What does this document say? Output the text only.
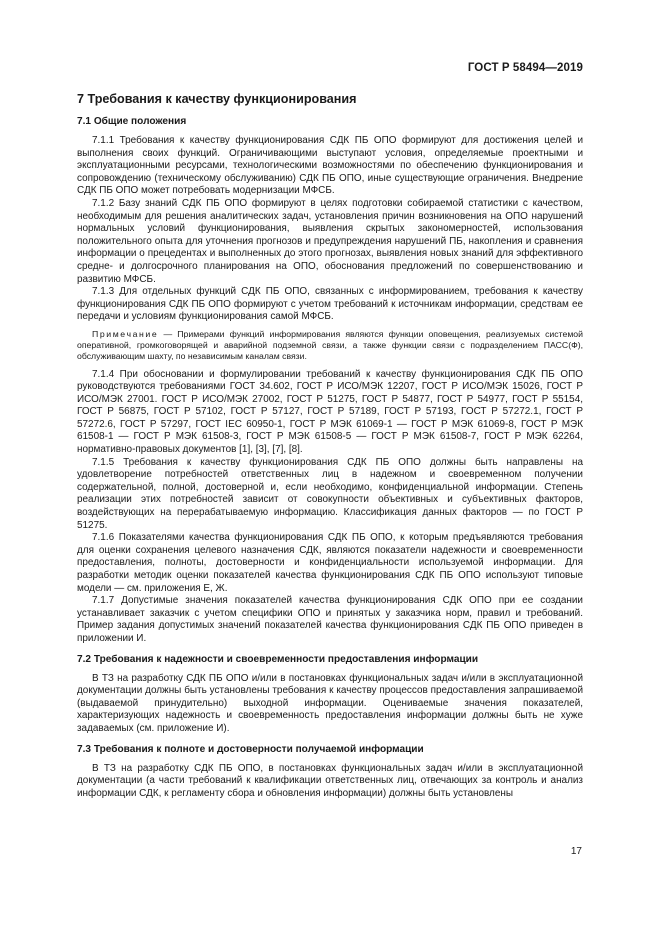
ГОСТ Р 58494—2019
7 Требования к качеству функционирования
7.1 Общие положения

7.1.1 Требования к качеству функционирования СДК ПБ ОПО формируют для достижения целей и выполнения своих функций. Ограничивающими выступают условия, определяемые проектными и эксплуатационными ресурсами, технологическими возможностями по обеспечению функционирования и сопровождению (техническому обслуживанию) СДК ПБ ОПО, иные существующие ограничения. Внедрение СДК ПБ ОПО может потребовать модернизации МФСБ.

7.1.2 Базу знаний СДК ПБ ОПО формируют в целях подготовки собираемой статистики с качеством, необходимым для решения аналитических задач, установления причин возникновения на ОПО нарушений нормальных условий функционирования, выявления скрытых закономерностей, использования положительного опыта для уточнения прогнозов и предупреждения нарушений ПБ, накопления и сравнения информации о прецедентах и выполненных до этого прогнозах, выявления новых знаний для эффективного средне- и долгосрочного планирования на ОПО, обоснования предложений по совершенствованию и развитию МФСБ.

7.1.3 Для отдельных функций СДК ПБ ОПО, связанных с информированием, требования к качеству функционирования СДК ПБ ОПО формируют с учетом требований к источникам информации, средствам ее передачи и условиям функционирования самой МФСБ.

Примечание — Примерами функций информирования являются функции оповещения, реализуемых системой оперативной, громкоговорящей и аварийной подземной связи, а также функции связи с подразделением ПАСС(Ф), обслуживающим шахту, по независимым каналам связи.

7.1.4 При обосновании и формулировании требований к качеству функционирования СДК ПБ ОПО руководствуются требованиями ГОСТ 34.602, ГОСТ Р ИСО/МЭК 12207, ГОСТ Р ИСО/МЭК 15026, ГОСТ Р ИСО/МЭК 27001. ГОСТ Р ИСО/МЭК 27002, ГОСТ Р 51275, ГОСТ Р 54877, ГОСТ Р 54977, ГОСТ Р 55154, ГОСТ Р 56875, ГОСТ Р 57102, ГОСТ Р 57127, ГОСТ Р 57189, ГОСТ Р 57193, ГОСТ Р 57272.1, ГОСТ Р 57272.6, ГОСТ Р 57297, ГОСТ IEC 60950-1, ГОСТ Р МЭК 61069-1 — ГОСТ Р МЭК 61069-8, ГОСТ Р МЭК 61508-1 — ГОСТ Р МЭК 61508-3, ГОСТ Р МЭК 61508-5 — ГОСТ Р МЭК 61508-7, ГОСТ Р МЭК 62264, нормативно-правовых документов [1], [3], [7], [8].

7.1.5 Требования к качеству функционирования СДК ПБ ОПО должны быть направлены на удовлетворение потребностей ответственных лиц в надежном и своевременном получении содержательной, полной, достоверной и, если необходимо, конфиденциальной информации. Степень реализации этих потребностей зависит от совокупности объективных и субъективных факторов, воздействующих на перерабатываемую информацию. Классификация данных факторов — по ГОСТ Р 51275.

7.1.6 Показателями качества функционирования СДК ПБ ОПО, к которым предъявляются требования для оценки сохранения целевого назначения СДК, являются показатели надежности и своевременности предоставления, полноты, достоверности и конфиденциальности используемой информации. Для разработки методик оценки показателей качества функционирования СДК ПБ ОПО используют типовые модели — см. приложения Е, Ж.

7.1.7 Допустимые значения показателей качества функционирования СДК ОПО при ее создании устанавливает заказчик с учетом специфики ОПО и принятых у заказчика норм, правил и требований. Пример задания допустимых значений показателей качества функционирования СДК ПБ ОПО приведен в приложении И.

7.2 Требования к надежности и своевременности предоставления информации

В ТЗ на разработку СДК ПБ ОПО и/или в постановках функциональных задач и/или в эксплуатационной документации должны быть установлены требования к качеству процессов предоставления запрашиваемой (выдаваемой принудительно) выходной информации. Оцениваемые значения показателей, характеризующих надежность и своевременность предоставления информации должны быть не хуже задаваемых (см. приложение И).

7.3 Требования к полноте и достоверности получаемой информации

В ТЗ на разработку СДК ПБ ОПО, в постановках функциональных задач и/или в эксплуатационной документации (а части требований к квалификации ответственных лиц, отвечающих за контроль и анализ информации СДК, к регламенту сбора и обновления информации) должны быть установлены

17
